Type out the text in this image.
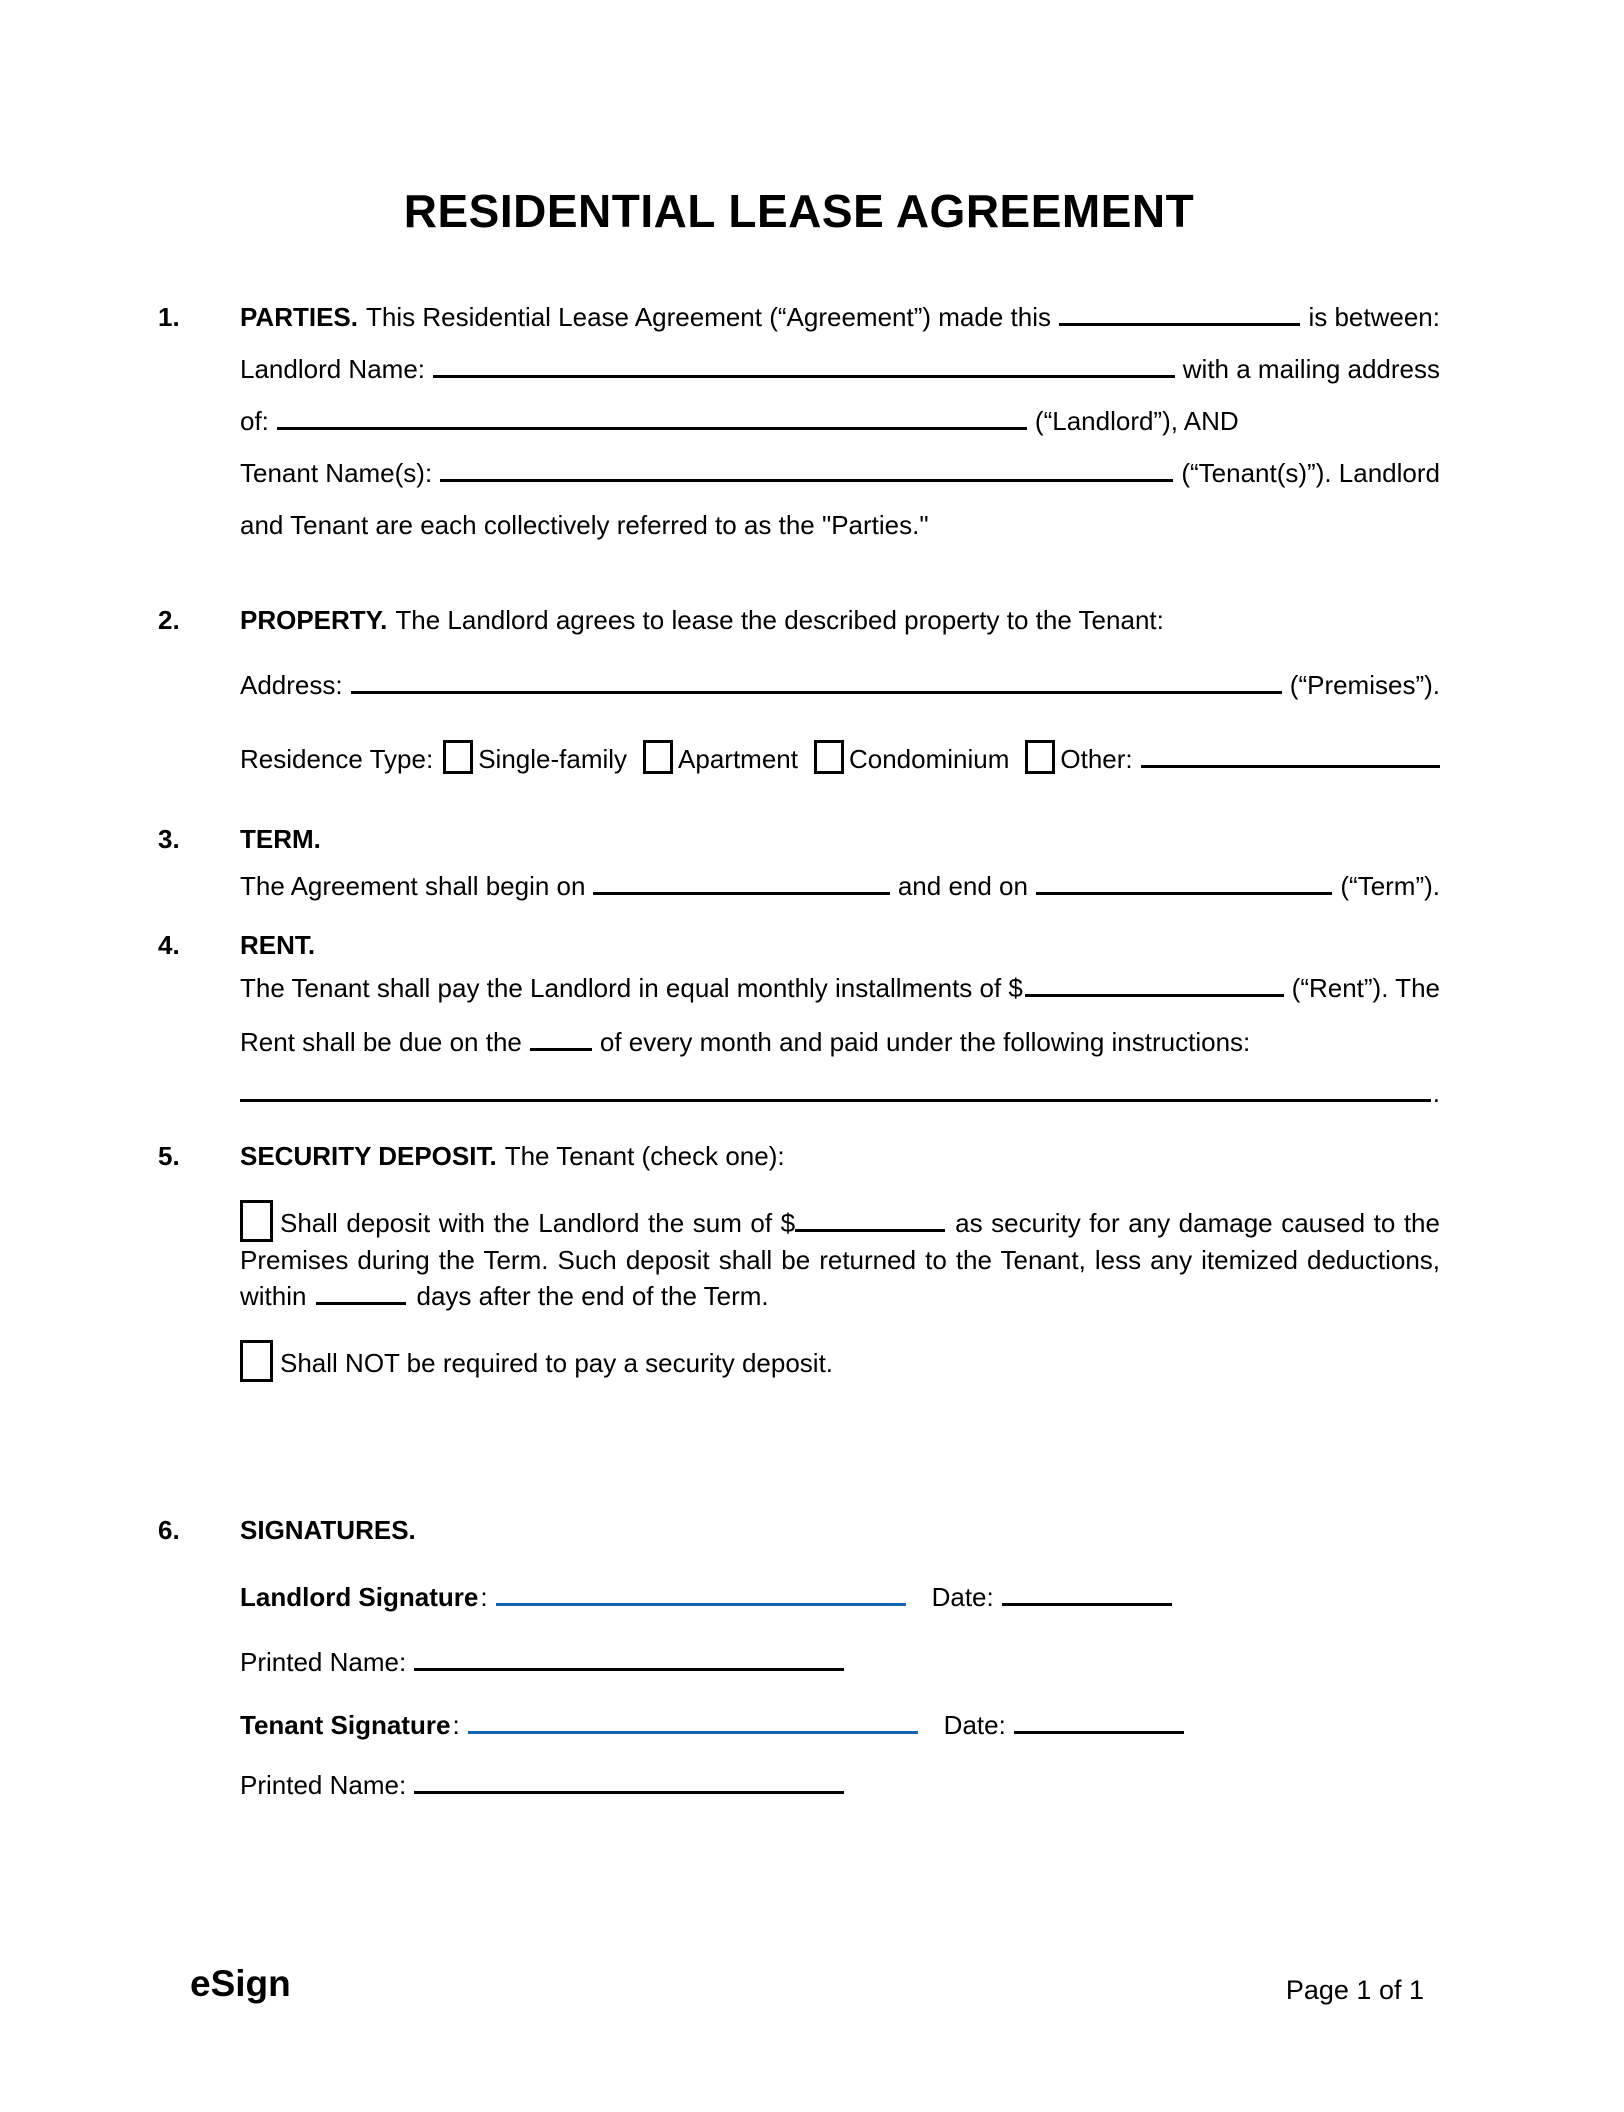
RESIDENTIAL LEASE AGREEMENT
1.	PARTIES. This Residential Lease Agreement (“Agreement”) made this	is between:
Landlord Name:	with a mailing address
of:	(“Landlord”), AND
Tenant Name(s):	(“Tenant(s)”). Landlord
and Tenant are each collectively referred to as the "Parties."
2.	PROPERTY. The Landlord agrees to lease the described property to the Tenant:
Address:	(“Premises”).
Residence Type: Single-family Apartment Condominium Other:
3.	TERM.
The Agreement shall begin on	and end on	(“Term”).
4.	RENT.
The Tenant shall pay the Landlord in equal monthly installments of $	(“Rent”). The
Rent shall be due on the	of every month and paid under the following instructions:
.
5.	SECURITY DEPOSIT. The Tenant (check one):

Shall deposit with the Landlord the sum of $	as security for any damage caused to the Premises during the Term. Such deposit shall be returned to the Tenant, less any itemized deductions, within	days after the end of the Term.

Shall NOT be required to pay a security deposit.

6.	SIGNATURES.
Landlord Signature :	Date:
Printed Name:
Tenant Signature :	Date:
Printed Name:
eSign	Page 1 of 1
